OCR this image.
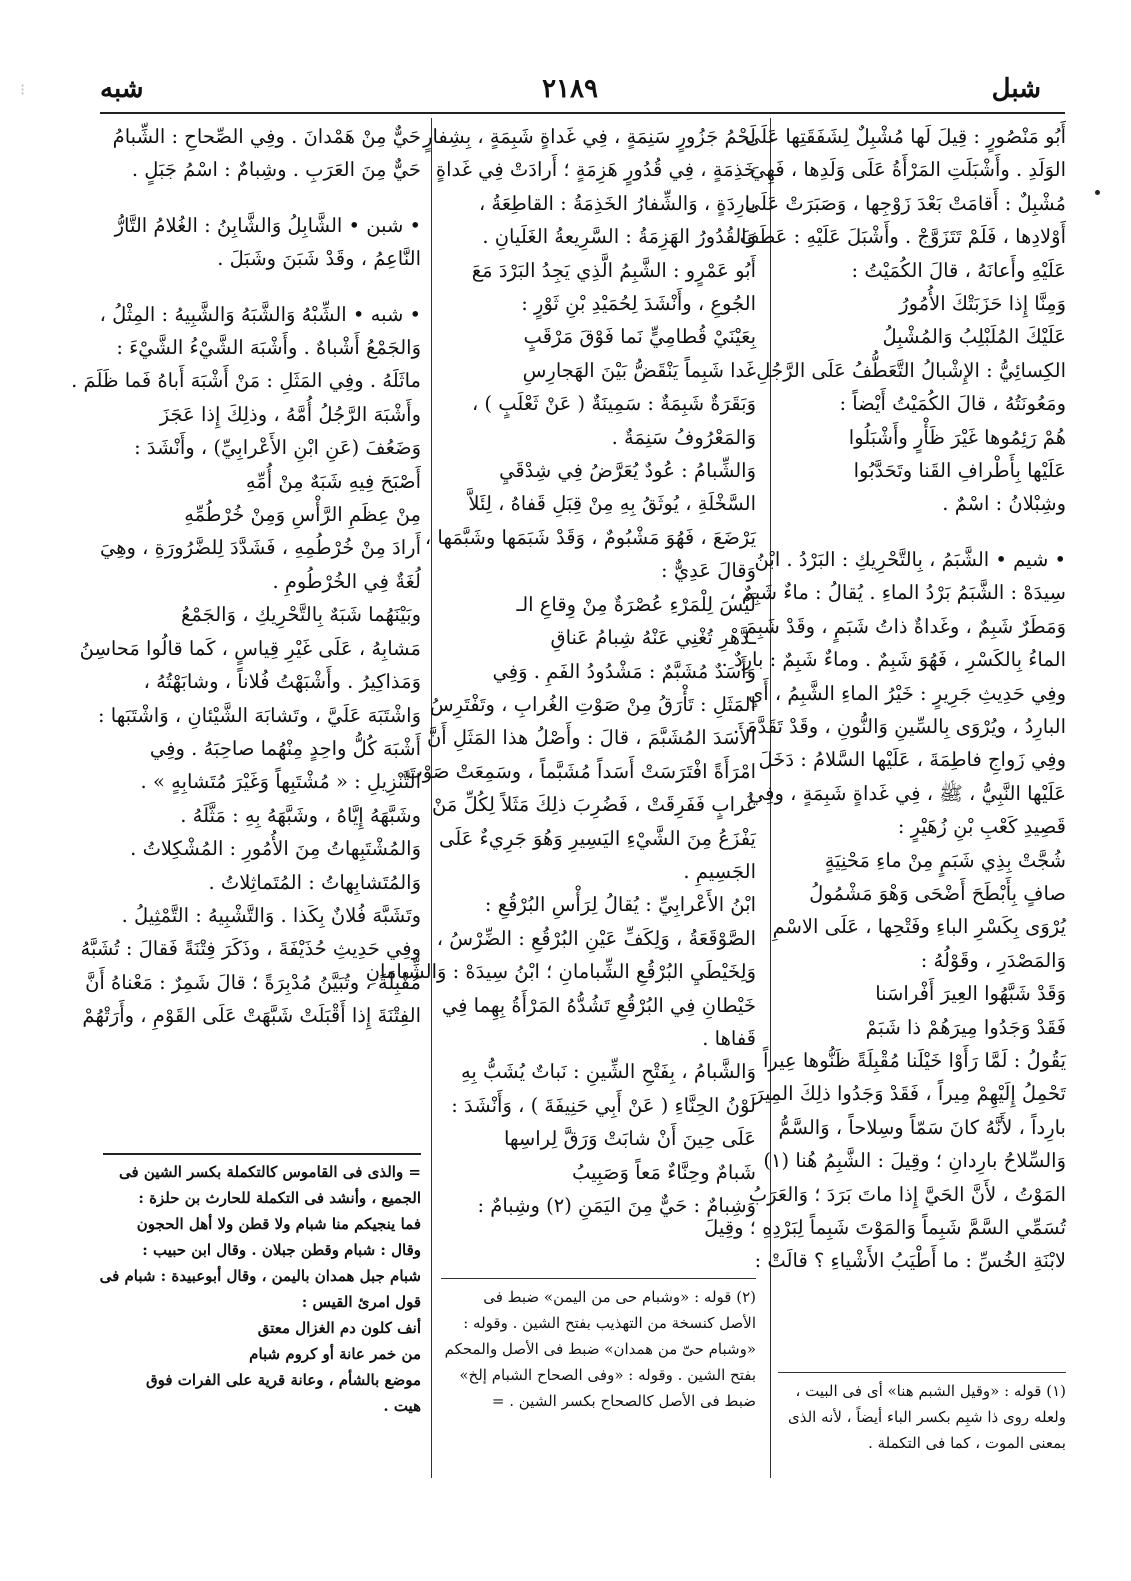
⁝	شبل
٢١٨٩
شبه
أَبُو مَنْصُورٍ : قِيلَ لَها مُشْبِلٌ لِشَفَقَتِها عَلَى
الوَلَدِ . وأَشْبَلَتِ المَرْأَةُ عَلَى وَلَدِها ، فَهِيَ
مُشْبِلٌ : أَقامَتْ بَعْدَ زَوْجِها ، وَصَبَرَتْ عَلَى
أَوْلادِها ، فَلَمْ تَتَزَوَّجْ . وأَشْبَلَ عَلَيْهِ : عَطَفَ
عَلَيْهِ وأَعانَهُ ، قالَ الكُمَيْتُ :
وَمِنَّا إِذا حَزَبَتْكَ الأُمُورُ
عَلَيْكَ المُلَبْلِبُ وَالمُشْبِلُ
الكِسائِيُّ : الإِشْبالُ التَّعَطُّفُ عَلَى الرَّجُلِ
ومَعُونَتُهُ ، قالَ الكُمَيْتُ أَيْضاً :
هُمْ رَئِمُوها غَيْرَ ظَأْرٍ وأَشْبَلُوا
عَلَيْها بِأَطْرافِ القَنا وتَحَدَّبُوا
وشِبْلانُ : اسْمٌ .

• شيم • الشَّبَمُ ، بِالتَّحْرِيكِ : البَرْدُ . ابْنُ
سِيدَهْ : الشَّبَمُ بَرْدُ الماءِ . يُقالُ : ماءٌ شَبِمٌ ،
وَمَطَرٌ شَبِمٌ ، وغَداةٌ ذاتُ شَبَمٍ ، وقَدْ شَبِمَ
الماءُ بِالكَسْرِ ، فَهُوَ شَبِمٌ . وماءٌ شَبِمٌ : بارِدٌ .
وفِي حَدِيثِ جَرِيرٍ : خَيْرُ الماءِ الشَّبِمُ ، أَيِ
البارِدُ ، ويُرْوَى بِالسِّينِ وَالنُّونِ ، وقَدْ تَقَدَّمَ .
وفِي زَواجِ فاطِمَةَ ، عَلَيْها السَّلامُ : دَخَلَ
عَلَيْها النَّبِيُّ ، ﷺ ، فِي غَداةٍ شَبِمَةٍ ، وفِي
قَصِيدِ كَعْبِ بْنِ زُهَيْرٍ :
شُجَّتْ بِذِي شَبَمٍ مِنْ ماءِ مَحْنِيَةٍ
صافٍ بِأَبْطَحَ أَضْحَى وَهْوَ مَشْمُولُ
يُرْوَى بِكَسْرِ الباءِ وفَتْحِها ، عَلَى الاسْمِ
وَالمَصْدَرِ ، وقَوْلُهُ :
وَقَدْ شَبَّهُوا العِيرَ أَفْراسَنا
فَقَدْ وَجَدُوا مِيرَهُمْ ذا شَبَمْ
يَقُولُ : لَمَّا رَأَوْا خَيْلَنا مُقْبِلَةً ظَنُّوها عِيراً
تَحْمِلُ إِلَيْهِمْ مِيراً ، فَقَدْ وَجَدُوا ذلِكَ المِيرَ
بارِداً ، لأَنَّهُ كانَ سَمّاً وسِلاحاً ، وَالسَّمُّ
وَالسِّلاحُ بارِدانِ ؛ وقِيلَ : الشَّبِمُ هُنا (١)
المَوْتُ ، لأَنَّ الحَيَّ إِذا ماتَ بَرَدَ ؛ وَالعَرَبُ
تُسَمِّي السَّمَّ شَبِماً وَالمَوْتَ شَبِماً لِبَرْدِهِ ؛ وقِيلَ
لابْنَةِ الخُسِّ : ما أَطْيَبُ الأَشْياءِ ؟ قالَتْ :
لَحْمُ جَزُورٍ سَنِمَةٍ ، فِي غَداةٍ شَبِمَةٍ ، بِشِفارٍ
خَذِمَةٍ ، فِي قُدُورٍ هَزِمَةٍ ؛ أَرادَتْ فِي غَداةٍ
بارِدَةٍ ، وَالشِّفارُ الخَذِمَةُ : القاطِعَةُ ،
وَالقُدُورُ الهَزِمَةُ : السَّرِيعةُ الغَلَيانِ .
أَبُو عَمْرٍو : الشَّبِمُ الَّذِي يَجِدُ البَرْدَ مَعَ
الجُوعِ ، وأَنْشَدَ لِحُمَيْدِ بْنِ ثَوْرٍ :
بِعَيْنَيْ قُطامِيٍّ نَما فَوْقَ مَرْقَبٍ
غَدا شَبِماً يَنْقَضُّ بَيْنَ الهَجارِسِ
وَبَقَرَةٌ شَبِمَةٌ : سَمِينَةٌ ( عَنْ ثَعْلَبٍ ) ،
وَالمَعْرُوفُ سَنِمَةٌ .
وَالشِّبامُ : عُودٌ يُعَرَّضُ فِي شِدْقَيِ
السَّخْلَةِ ، يُوثَقُ بِهِ مِنْ قِبَلِ قَفاهُ ، لِئَلاَّ
يَرْضَعَ ، فَهُوَ مَشْبُومٌ ، وَقَدْ شَبَمَها وشَبَّمَها ،
وَقالَ عَدِيٌّ :
لَيْسَ لِلْمَرْءِ عُصْرَةٌ مِنْ وِقاعِ الـ
ـدَّهْرِ تُغْنِي عَنْهُ شِبامُ عَناقِ
وَأَسَدٌ مُشَبَّمٌ : مَشْدُودُ الفَمِ . وَفِي
المَثَلِ : تَأْرَقُ مِنْ صَوْتِ الغُرابِ ، وتَفْتَرِسُ
الأَسَدَ المُشَبَّمَ ، قالَ : وأَصْلُ هذا المَثَلِ أَنَّ
امْرَأَةً افْتَرَسَتْ أَسَداً مُشَبَّماً ، وسَمِعَتْ صَوْتَ
غُرابٍ فَفَرِقَتْ ، فَضُرِبَ ذلِكَ مَثَلاً لِكُلِّ مَنْ
يَفْزَعُ مِنَ الشَّيْءِ اليَسِيرِ وَهُوَ جَرِيءٌ عَلَى
الجَسِيمِ .
ابْنُ الأَعْرابِيِّ : يُقالُ لِرَأْسِ البُرْقُعِ :
الصَّوْقَعَةُ ، وَلِكَفِّ عَيْنِ البُرْقُعِ : الضِّرْسُ ،
وَلِخَيْطَيِ البُرْقُعِ الشِّبامانِ ؛ ابْنُ سِيدَهْ : وَالشِّبامانِ
خَيْطانِ فِي البُرْقُعِ تَشُدُّهُ المَرْأَةُ بِهِما فِي
قَفاها .
وَالشَّبامُ ، بِفَتْحِ الشِّينِ : نَباتٌ يُشَبُّ بِهِ
لَوْنُ الحِنَّاءِ ( عَنْ أَبِي حَنِيفَةَ ) ، وَأَنْشَدَ :
عَلَى حِينَ أَنْ شابَتْ وَرَقَّ لِراسِها
شَبامٌ وحِنَّاءٌ مَعاً وَصَبِيبُ
وَشِبامٌ : حَيٌّ مِنَ اليَمَنِ (٢) وشِبامٌ :
حَيٌّ مِنْ هَمْدانَ . وفِي الصِّحاحِ : الشِّبامُ
حَيٌّ مِنَ العَرَبِ . وشِبامٌ : اسْمُ جَبَلٍ .

• شبن • الشَّابِلُ وَالشَّابِنُ : الغُلامُ التَّارُّ
النَّاعِمُ ، وقَدْ شَبَنَ وشَبَلَ .

• شبه • الشِّبْهُ وَالشَّبَهُ وَالشَّبِيهُ : المِثْلُ ،
وَالجَمْعُ أَشْباهٌ . وأَشْبَهَ الشَّيْءُ الشَّيْءَ :
ماثَلَهُ . وفِي المَثَلِ : مَنْ أَشْبَهَ أَباهُ فَما ظَلَمَ .
وأَشْبَهَ الرَّجُلُ أُمَّهُ ، وذلِكَ إِذا عَجَزَ
وَضَعُفَ (عَنِ ابْنِ الأَعْرابِيِّ) ، وأَنْشَدَ :
أَصْبَحَ فِيهِ شَبَهٌ مِنْ أُمِّهِ
مِنْ عِظَمِ الرَّأْسِ وَمِنْ خُرْطُمِّهِ
أَرادَ مِنْ خُرْطُمِهِ ، فَشَدَّدَ لِلضَّرُورَةِ ، وهِيَ
لُغَةٌ فِي الخُرْطُومِ .
وبَيْنَهُما شَبَهٌ بِالتَّحْرِيكِ ، وَالجَمْعُ
مَشابِهُ ، عَلَى غَيْرِ قِياسٍ ، كَما قالُوا مَحاسِنُ
وَمَذاكِيرُ . وأَشْبَهْتُ فُلاناً ، وشابَهْتُهُ ،
وَاشْتَبَهَ عَلَيَّ ، وتَشابَهَ الشَّيْئانِ ، وَاشْتَبَها :
أَشْبَهَ كُلُّ واحِدٍ مِنْهُما صاحِبَهُ . وفِي
التَّنْزِيلِ : « مُشْتَبِهاً وَغَيْرَ مُتَشابِهٍ » .
وشَبَّهَهُ إِيَّاهُ ، وشَبَّهَهُ بِهِ : مَثَّلَهُ .
وَالمُشْتَبِهاتُ مِنَ الأُمُورِ : المُشْكِلاتُ .
وَالمُتَشابِهاتُ : المُتَماثِلاتُ .
وتَشَبَّهَ فُلانٌ بِكَذا . وَالتَّشْبِيهُ : التَّمْثِيلُ .
وفِي حَدِيثِ حُذَيْفَةَ ، وذَكَرَ فِتْنَةً فَقالَ : تُشَبَّهُ
مُقْبِلَةً ، وتُبَيَّنُ مُدْبِرَةً ؛ قالَ شَمِرٌ : مَعْناهُ أَنَّ
الفِتْنَةَ إِذا أَقْبَلَتْ شَبَّهَتْ عَلَى القَوْمِ ، وأَرَتْهُمْ
(١) قوله : «وقيل الشبم هنا» أى فى البيت ،
ولعله روى ذا شبِم بكسر الباء أيضاً ، لأنه الذى
بمعنى الموت ، كما فى التكملة .
(٢) قوله : «وشبام حى من اليمن» ضبط فى
الأصل كنسخة من التهذيب بفتح الشين . وقوله :
«وشبام حىّ من همدان» ضبط فى الأصل والمحكم
بفتح الشين . وقوله : «وفى الصحاح الشبام إلخ»
ضبط فى الأصل كالصحاح بكسر الشين . =
= والذى فى القاموس كالتكملة بكسر الشين فى
الجميع ، وأنشد فى التكملة للحارث بن حلزة :
فما ينجيكم منا شبام ولا قطن ولا أهل الحجون
وقال : شبام وقطن جبلان . وقال ابن حبيب :
شبام جبل همدان باليمن ، وقال أبوعبيدة : شبام فى
قول امرئ القيس :
أنف كلون دم الغزال معتق
من خمر عانة أو كروم شبام
موضع بالشأم ، وعانة قرية على الفرات فوق
هيت .
